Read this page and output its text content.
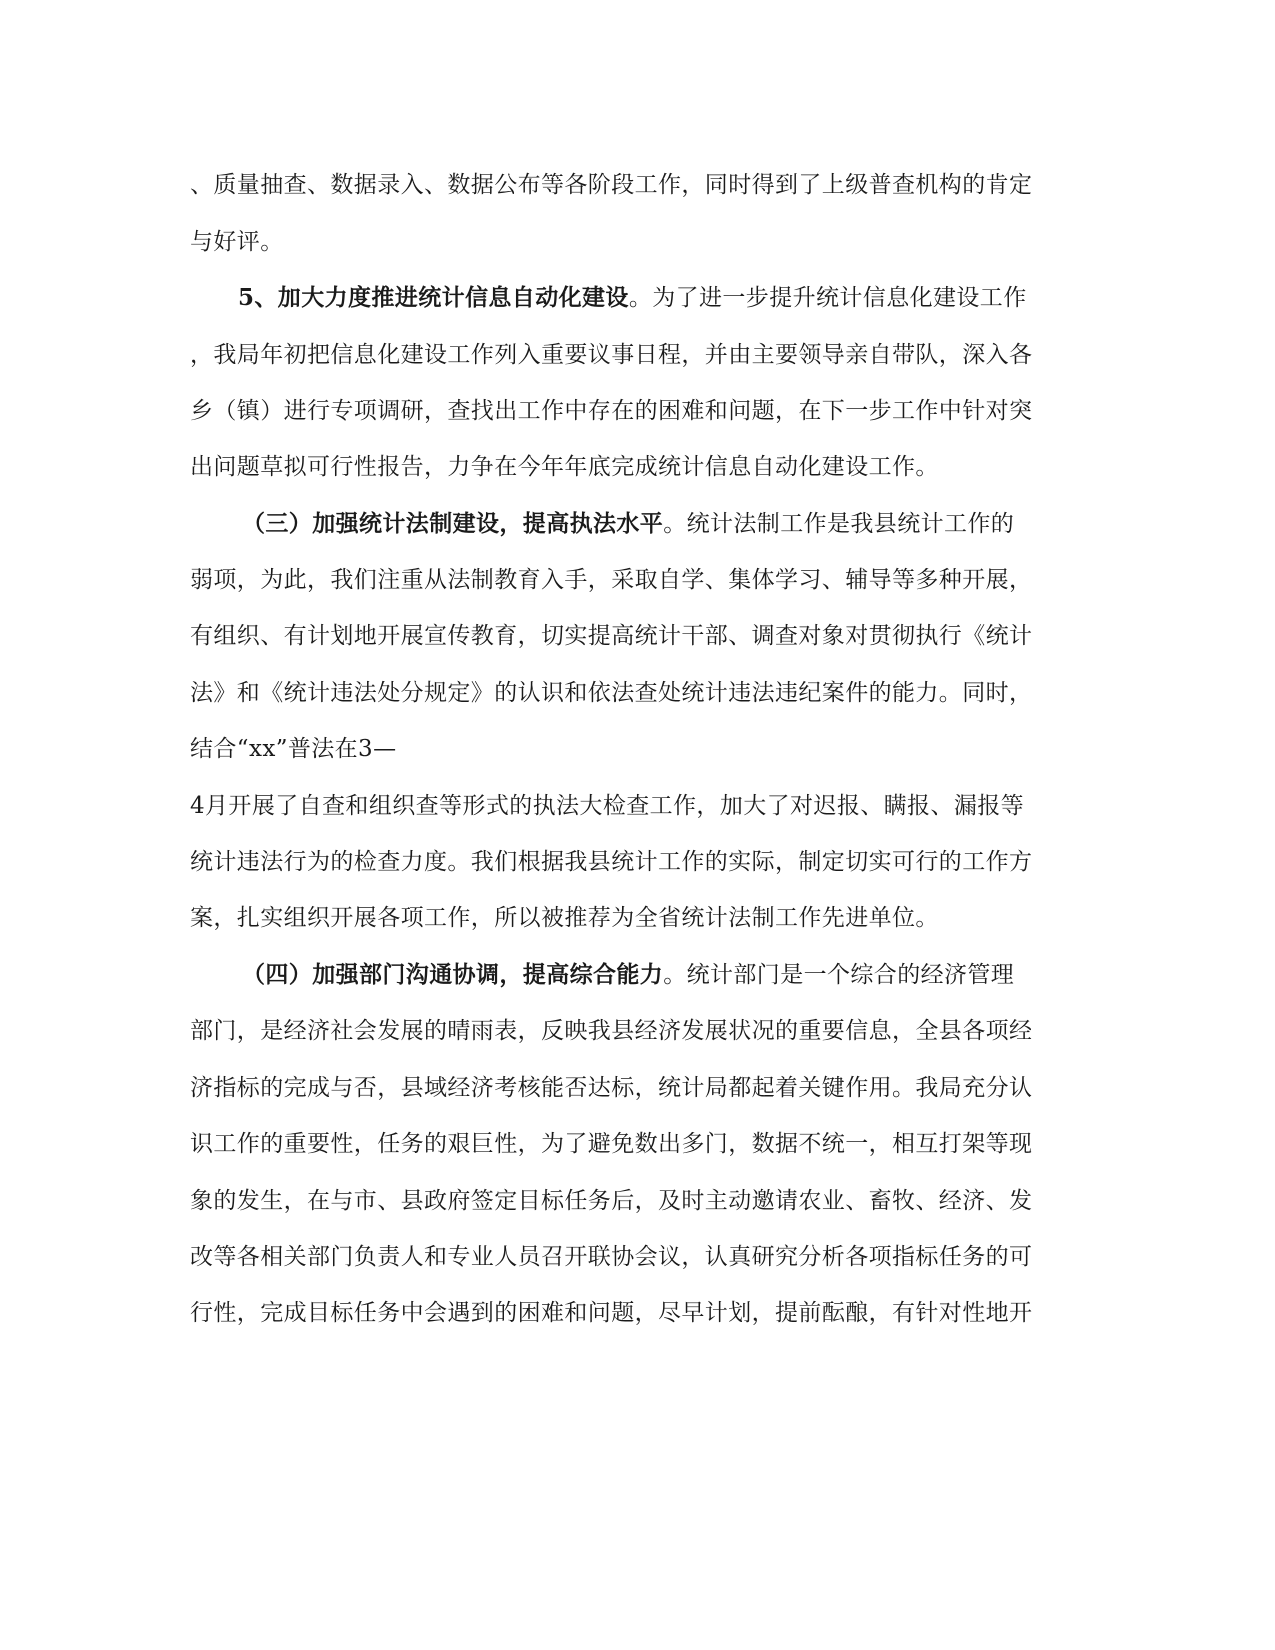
、质量抽查、数据录入、数据公布等各阶段工作，同时得到了上级普查机构的肯定
与好评。
5、加大力度推进统计信息自动化建设。为了进一步提升统计信息化建设工作
，我局年初把信息化建设工作列入重要议事日程，并由主要领导亲自带队，深入各
乡（镇）进行专项调研，查找出工作中存在的困难和问题，在下一步工作中针对突
出问题草拟可行性报告，力争在今年年底完成统计信息自动化建设工作。
（三）加强统计法制建设，提高执法水平。统计法制工作是我县统计工作的
弱项，为此，我们注重从法制教育入手，采取自学、集体学习、辅导等多种开展，
有组织、有计划地开展宣传教育，切实提高统计干部、调查对象对贯彻执行《统计
法》和《统计违法处分规定》的认识和依法查处统计违法违纪案件的能力。同时，
结合“xx”普法在3—
4月开展了自查和组织查等形式的执法大检查工作，加大了对迟报、瞒报、漏报等
统计违法行为的检查力度。我们根据我县统计工作的实际，制定切实可行的工作方
案，扎实组织开展各项工作，所以被推荐为全省统计法制工作先进单位。
（四）加强部门沟通协调，提高综合能力。统计部门是一个综合的经济管理
部门，是经济社会发展的晴雨表，反映我县经济发展状况的重要信息，全县各项经
济指标的完成与否，县域经济考核能否达标，统计局都起着关键作用。我局充分认
识工作的重要性，任务的艰巨性，为了避免数出多门，数据不统一，相互打架等现
象的发生，在与市、县政府签定目标任务后，及时主动邀请农业、畜牧、经济、发
改等各相关部门负责人和专业人员召开联协会议，认真研究分析各项指标任务的可
行性，完成目标任务中会遇到的困难和问题，尽早计划，提前酝酿，有针对性地开
